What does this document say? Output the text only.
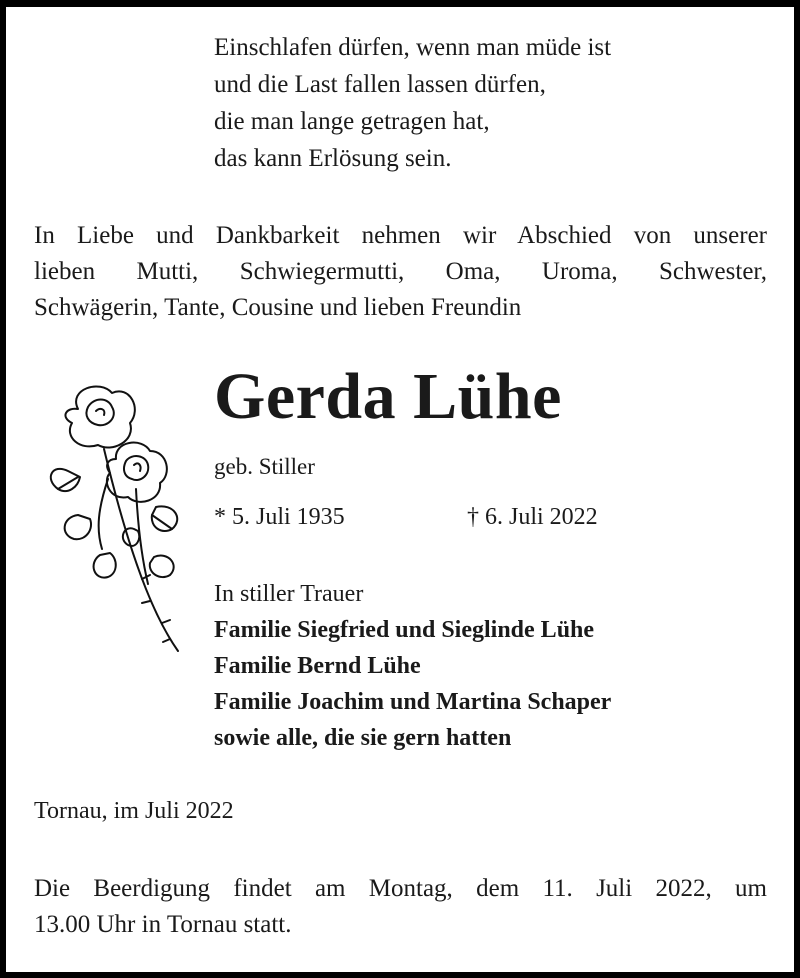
Einschlafen dürfen, wenn man müde ist
und die Last fallen lassen dürfen,
die man lange getragen hat,
das kann Erlösung sein.
In Liebe und Dankbarkeit nehmen wir Abschied von unserer
lieben Mutti, Schwiegermutti, Oma, Uroma, Schwester,
Schwägerin, Tante, Cousine und lieben Freundin
Gerda Lühe
geb. Stiller
* 5. Juli 1935	† 6. Juli 2022
In stiller Trauer
Familie Siegfried und Sieglinde Lühe
Familie Bernd Lühe
Familie Joachim und Martina Schaper
sowie alle, die sie gern hatten
Tornau, im Juli 2022
Die Beerdigung findet am Montag, dem 11. Juli 2022, um
13.00 Uhr in Tornau statt.
